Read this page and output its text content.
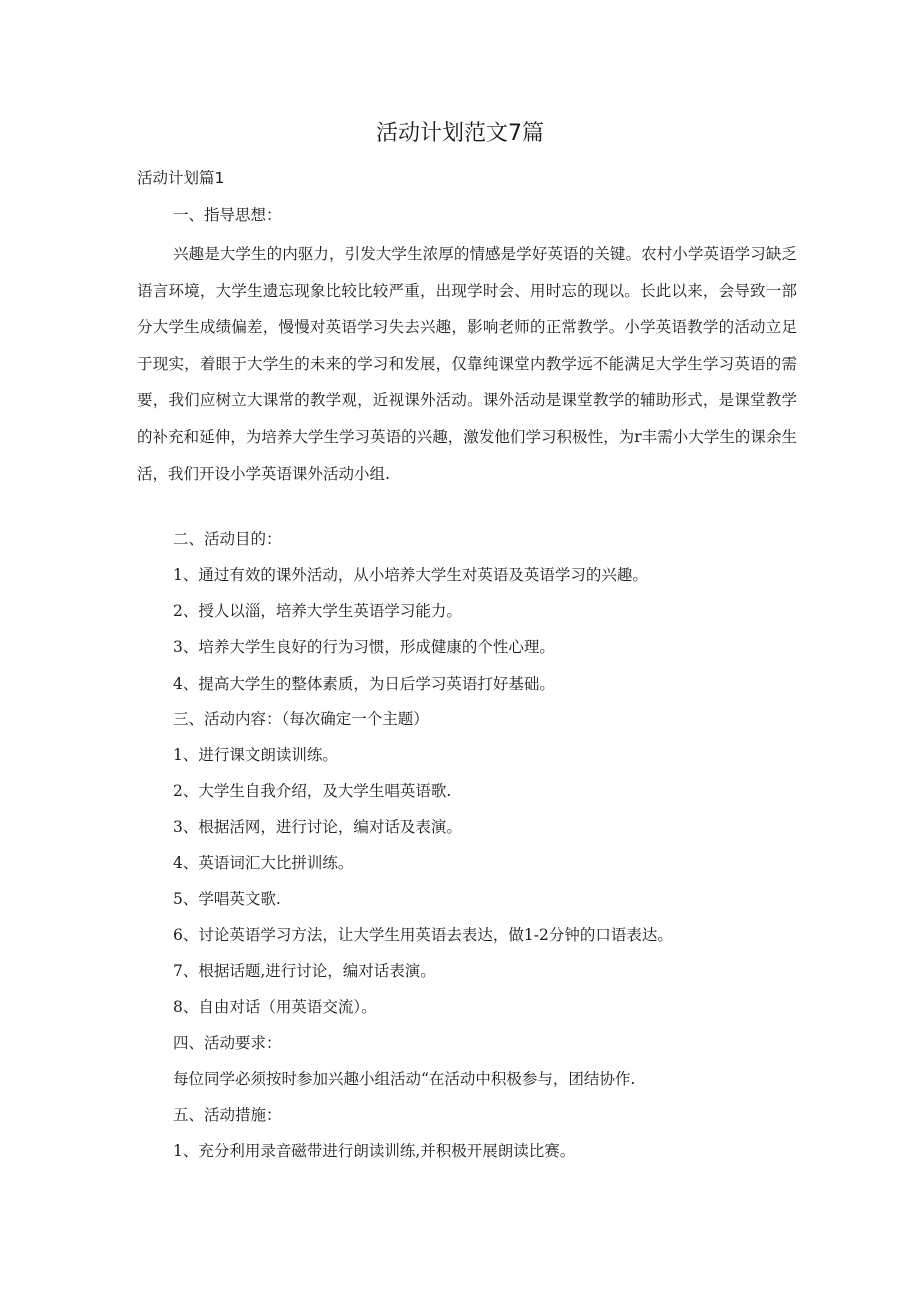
活动计划范文7篇
活动计划篇1
一、指导思想：
兴趣是大学生的内驱力，引发大学生浓厚的情感是学好英语的关键。农村小学英语学习缺乏语言环境，大学生遗忘现象比较比较严重，出现学时会、用时忘的现以。长此以来，会导致一部分大学生成绩偏差，慢慢对英语学习失去兴趣，影响老师的正常教学。小学英语教学的活动立足于现实，着眼于大学生的未来的学习和发展，仅靠纯课堂内教学远不能满足大学生学习英语的需要，我们应树立大课常的教学观，近视课外活动。课外活动是课堂教学的辅助形式，是课堂教学的补充和延伸，为培养大学生学习英语的兴趣，激发他们学习积极性，为r丰需小大学生的课余生活，我们开设小学英语课外活动小组.
二、活动目的：
1、通过有效的课外活动，从小培养大学生对英语及英语学习的兴趣。
2、授人以淄，培养大学生英语学习能力。
3、培养大学生良好的行为习惯，形成健康的个性心理。
4、提高大学生的整体素质，为日后学习英语打好基础。
三、活动内容：（每次确定一个主题）
1、进行课文朗读训练。
2、大学生自我介绍，及大学生唱英语歌.
3、根据活网，进行讨论，编对话及表演。
4、英语词汇大比拼训练。
5、学唱英文歌.
6、讨论英语学习方法，让大学生用英语去表达，做1-2分钟的口语表达。
7、根据话题,进行讨论，编对话表演。
8、自由对话（用英语交流）。
四、活动要求：
每位同学必须按时参加兴趣小组活动“在活动中积极参与，团结协作.
五、活动措施：
1、充分利用录音磁带进行朗读训练,并积极开展朗读比赛。
